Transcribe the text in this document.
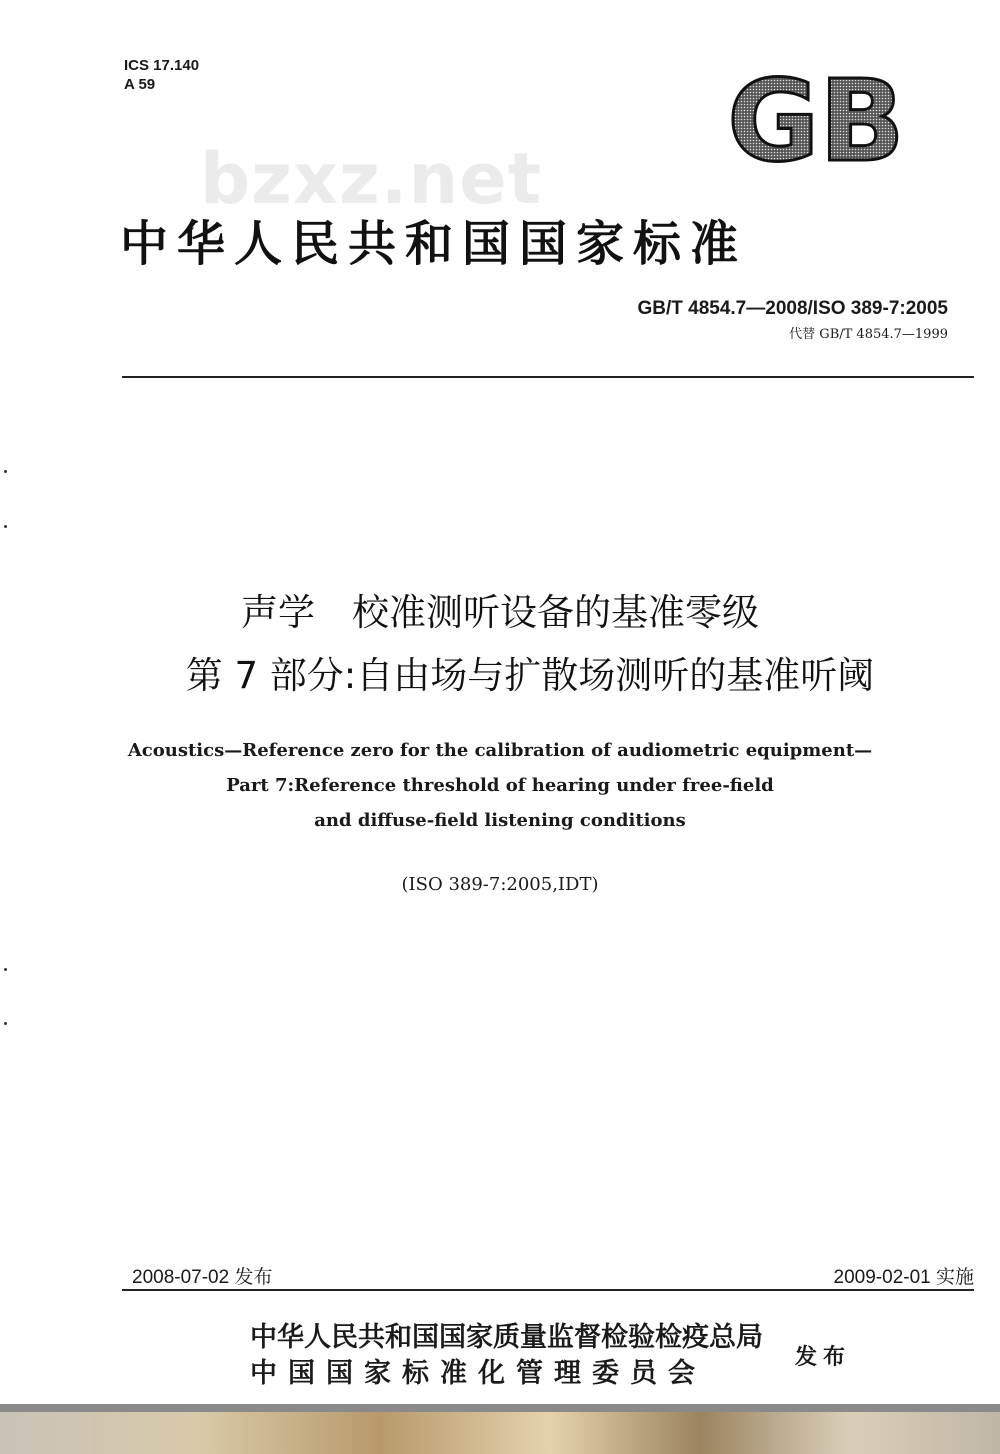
ICS 17.140
A 59
bzxz.net GB
中华人民共和国国家标准
GB/T 4854.7—2008/ISO 389-7:2005
代替 GB/T 4854.7—1999
声学　校准测听设备的基准零级
第 7 部分:自由场与扩散场测听的基准听阈
Acoustics—Reference zero for the calibration of audiometric equipment—
Part 7:Reference threshold of hearing under free-field
and diffuse-field listening conditions
(ISO 389-7:2005,IDT)
2008-07-02 发布	2009-02-01 实施
中华人民共和国国家质量监督检验检疫总局
中国国家标准化管理委员会
发布
